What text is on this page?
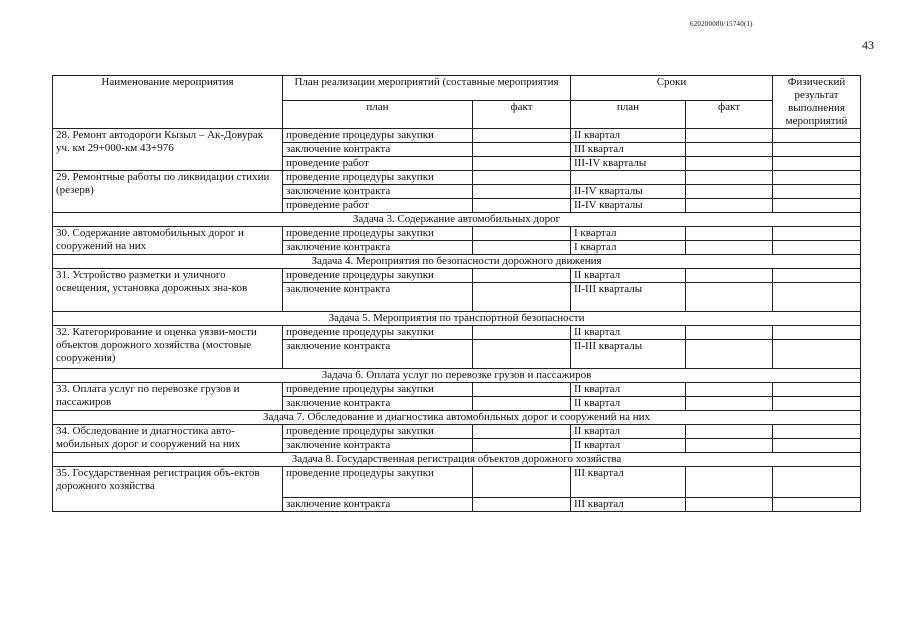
620200080/15740(1)
43
Наименование мероприятия	План реализации мероприятий (составные мероприятия		Сроки		Физический результат выполнения мероприятий
	план	факт	план	факт	
28. Ремонт автодороги Кызыл – Ак-Довурак уч. км 29+000-км 43+976	проведение процедуры закупки		II квартал		
	заключение контракта		III квартал		
	проведение работ		III-IV кварталы		
29. Ремонтные работы по ликвидации стихии (резерв)	проведение процедуры закупки				
	заключение контракта		II-IV кварталы		
	проведение работ		II-IV кварталы		
Задача 3. Содержание автомобильных дорог					
30. Содержание автомобильных дорог и сооружений на них	проведение процедуры закупки		I квартал		
	заключение контракта		I квартал		
Задача 4. Мероприятия по безопасности дорожного движения					
31. Устройство разметки и уличного освещения, установка дорожных зна-ков	проведение процедуры закупки		II квартал		
	заключение контракта		II-III кварталы		
Задача 5. Мероприятия по транспортной безопасности					
32. Категорирование и оценка уязви-мости объектов дорожного хозяйства (мостовые сооружения)	проведение процедуры закупки		II квартал		
	заключение контракта		II-III кварталы		
Задача 6. Оплата услуг по перевозке грузов и пассажиров					
33. Оплата услуг по перевозке грузов и пассажиров	проведение процедуры закупки		II квартал		
	заключение контракта		II квартал		
Задача 7. Обследование и диагностика автомобильных дорог и сооружений на них					
34. Обследование и диагностика авто-мобильных дорог и сооружений на них	проведение процедуры закупки		II квартал		
	заключение контракта		II квартал		
Задача 8. Государственная регистрация объектов дорожного хозяйства					
35. Государственная регистрация объ-ектов дорожного хозяйства	проведение процедуры закупки		III квартал		
	заключение контракта		III квартал		
